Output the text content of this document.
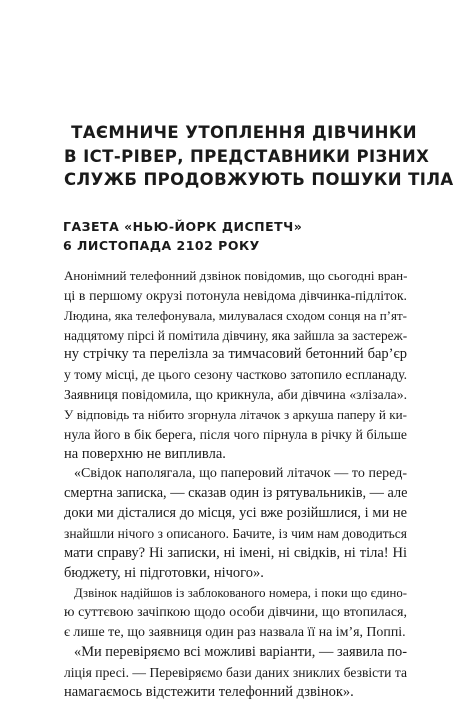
ТАЄМНИЧЕ УТОПЛЕННЯ ДІВЧИНКИ
В ІСТ-РІВЕР, ПРЕДСТАВНИКИ РІЗНИХ
СЛУЖБ ПРОДОВЖУЮТЬ ПОШУКИ ТІЛА
ГАЗЕТА «НЬЮ-ЙОРК ДИСПЕТЧ»
6 ЛИСТОПАДА 2102 РОКУ

Анонімний телефонний дзвінок повідомив, що сьогодні вран-
ці в першому окрузі потонула невідома дівчинка-підліток.
Людина, яка телефонувала, милувалася сходом сонця на п’ят-
надцятому пірсі й помітила дівчину, яка зайшла за застереж-
ну стрічку та перелізла за тимчасовий бетонний бар’єр
у тому місці, де цього сезону частково затопило еспланаду.
Заявниця повідомила, що крикнула, аби дівчина «злізала».
У відповідь та нібито згорнула літачок з аркуша паперу й ки-
нула його в бік берега, після чого пірнула в річку й більше
на поверхню не випливла.

«Свідок наполягала, що паперовий літачок — то перед-
смертна записка, — сказав один із рятувальників, — але
доки ми дісталися до місця, усі вже розійшлися, і ми не
знайшли нічого з описаного. Бачите, із чим нам доводиться
мати справу? Ні записки, ні імені, ні свідків, ні тіла! Ні
бюджету, ні підготовки, нічого».

Дзвінок надійшов із заблокованого номера, і поки що єдино-
ю суттєвою зачіпкою щодо особи дівчини, що втопилася,
є лише те, що заявниця один раз назвала її на ім’я, Поппі.

«Ми перевіряємо всі можливі варіанти, — заявила по-
ліція пресі. — Перевіряємо бази даних зниклих безвісти та
намагаємось відстежити телефонний дзвінок».
